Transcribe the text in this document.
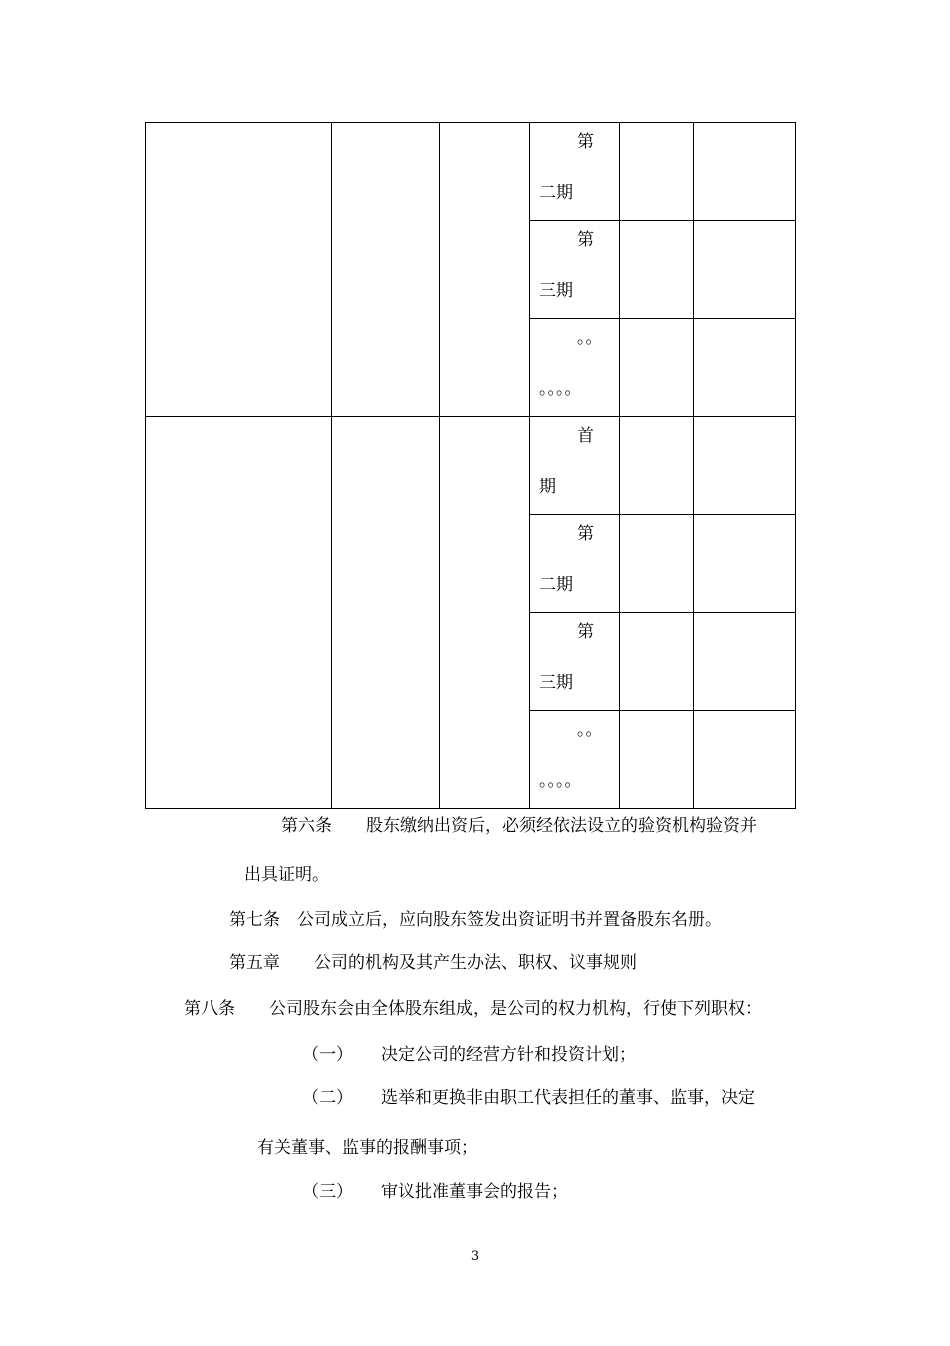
			第
二期		

			第
三期		

			。。
。。。。		

			首
期		

			第
二期		

			第
三期		

			。。
。。。。		

第六条 股东缴纳出资后，必须经依法设立的验资机构验资并
出具证明。
第七条 公司成立后，应向股东签发出资证明书并置备股东名册。
第五章 公司的机构及其产生办法、职权、议事规则
第八条 公司股东会由全体股东组成，是公司的权力机构，行使下列职权：
（一） 决定公司的经营方针和投资计划；
（二） 选举和更换非由职工代表担任的董事、监事，决定
有关董事、监事的报酬事项；
（三） 审议批准董事会的报告；
3
